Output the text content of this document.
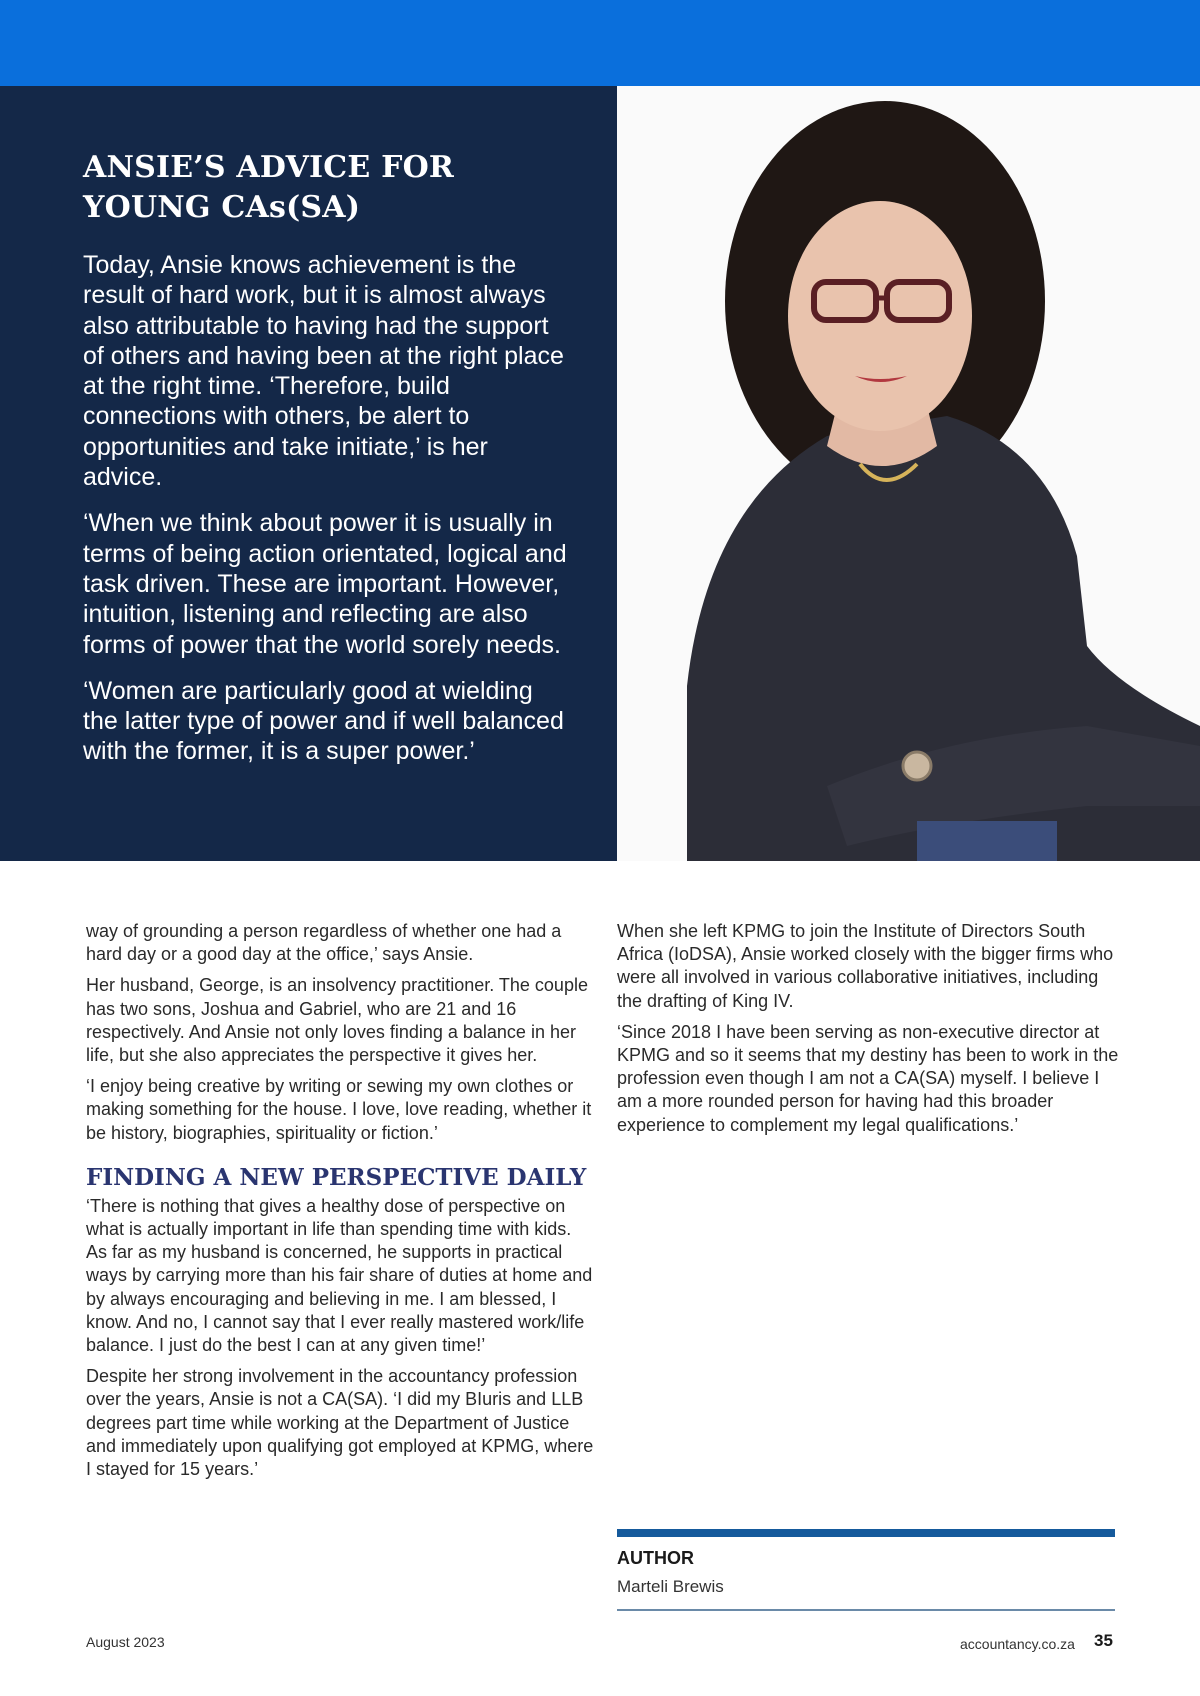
ANSIE’S ADVICE FOR YOUNG CAs(SA)

Today, Ansie knows achievement is the result of hard work, but it is almost always also attributable to having had the support of others and having been at the right place at the right time. ‘Therefore, build connections with others, be alert to opportunities and take initiate,’ is her advice.

‘When we think about power it is usually in terms of being action orientated, logical and task driven. These are important. However, intuition, listening and reflecting are also forms of power that the world sorely needs.

‘Women are particularly good at wielding the latter type of power and if well balanced with the former, it is a super power.’

way of grounding a person regardless of whether one had a hard day or a good day at the office,’ says Ansie.

Her husband, George, is an insolvency practitioner. The couple has two sons, Joshua and Gabriel, who are 21 and 16 respectively. And Ansie not only loves finding a balance in her life, but she also appreciates the perspective it gives her.

‘I enjoy being creative by writing or sewing my own clothes or making something for the house. I love, love reading, whether it be history, biographies, spirituality or fiction.’

FINDING A NEW PERSPECTIVE DAILY

‘There is nothing that gives a healthy dose of perspective on what is actually important in life than spending time with kids. As far as my husband is concerned, he supports in practical ways by carrying more than his fair share of duties at home and by always encouraging and believing in me. I am blessed, I know. And no, I cannot say that I ever really mastered work/life balance. I just do the best I can at any given time!’

Despite her strong involvement in the accountancy profession over the years, Ansie is not a CA(SA). ‘I did my BIuris and LLB degrees part time while working at the Department of Justice and immediately upon qualifying got employed at KPMG, where I stayed for 15 years.’

When she left KPMG to join the Institute of Directors South Africa (IoDSA), Ansie worked closely with the bigger firms who were all involved in various collaborative initiatives, including the drafting of King IV.

‘Since 2018 I have been serving as non-executive director at KPMG and so it seems that my destiny has been to work in the profession even though I am not a CA(SA) myself. I believe I am a more rounded person for having had this broader experience to complement my legal qualifications.’

AUTHOR
Marteli Brewis
August 2023	accountancy.co.za 35
